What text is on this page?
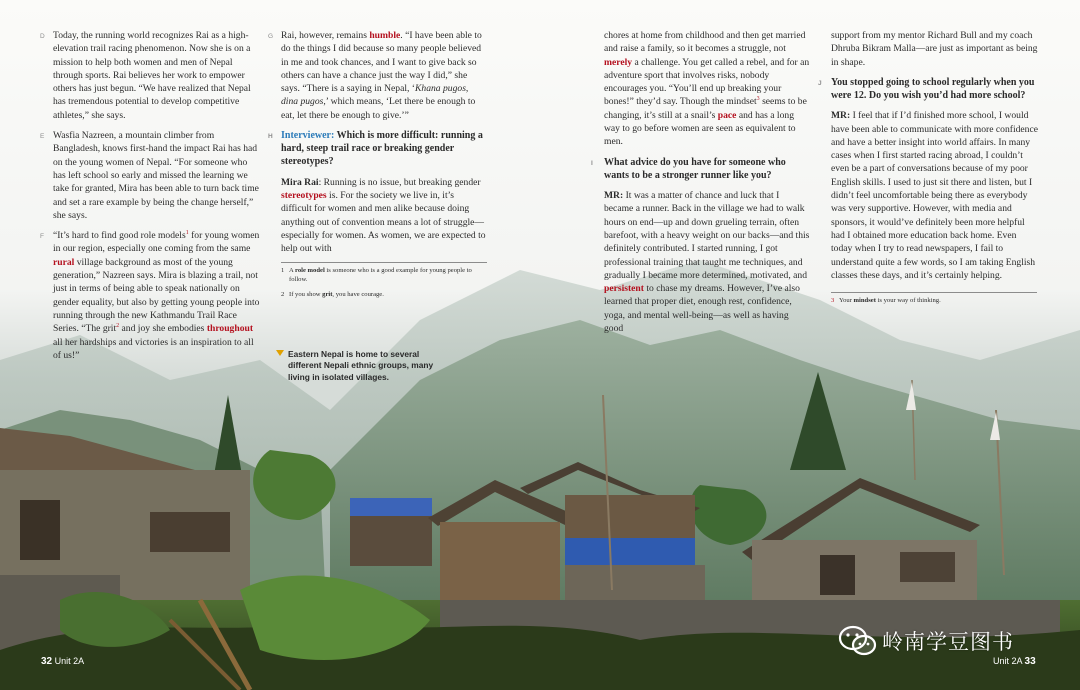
D Today, the running world recognizes Rai as a high-elevation trail racing phenomenon. Now she is on a mission to help both women and men of Nepal through sports. Rai believes her work to empower others has just begun. “We have realized that Nepal has tremendous potential to develop competitive athletes,” she says.

E Wasfia Nazreen, a mountain climber from Bangladesh, knows first-hand the impact Rai has had on the young women of Nepal. “For someone who has left school so early and missed the learning we take for granted, Mira has been able to turn back time and set a rare example by being the change herself,” she says.

F “It’s hard to find good role models$^1$ for young women in our region, especially one coming from the same rural village background as most of the young generation,” Nazreen says. Mira is blazing a trail, not just in terms of being able to speak nationally on gender equality, but also by getting young people into running through the new Kathmandu Trail Race Series. “The grit$^2$ and joy she embodies throughout all her hardships and victories is an inspiration to all of us!”

G Rai, however, remains humble. “I have been able to do the things I did because so many people believed in me and took chances, and I want to give back so others can have a chance just the way I did,” she says. “There is a saying in Nepal, ‘Khana pugos, dina pugos,’ which means, ‘Let there be enough to eat, let there be enough to give.’”

H Interviewer: Which is more difficult: running a hard, steep trail race or breaking gender stereotypes?

Mira Rai: Running is no issue, but breaking gender stereotypes is. For the society we live in, it’s difficult for women and men alike because doing anything out of convention means a lot of struggle—especially for women. As women, we are expected to help out with

1 A role model is someone who is a good example for young people to follow.

2 If you show grit, you have courage.

chores at home from childhood and then get married and raise a family, so it becomes a struggle, not merely a challenge. You get called a rebel, and for an adventure sport that involves risks, nobody encourages you. “You’ll end up breaking your bones!” they’d say. Though the mindset$^3$ seems to be changing, it’s still at a snail’s pace and has a long way to go before women are seen as equivalent to men.

I What advice do you have for someone who wants to be a stronger runner like you?

MR: It was a matter of chance and luck that I became a runner. Back in the village we had to walk hours on end—up and down grueling terrain, often barefoot, with a heavy weight on our backs—and this definitely contributed. I started running, I got professional training that taught me techniques, and gradually I became more determined, motivated, and persistent to chase my dreams. However, I’ve also learned that proper diet, enough rest, confidence, yoga, and mental well-being—as well as having good

support from my mentor Richard Bull and my coach Dhruba Bikram Malla—are just as important as being in shape.

J You stopped going to school regularly when you were 12. Do you wish you’d had more school?

MR: I feel that if I’d finished more school, I would have been able to communicate with more confidence and have a better insight into world affairs. In many cases when I first started racing abroad, I couldn’t even be a part of conversations because of my poor English skills. I used to just sit there and listen, but I didn’t feel uncomfortable being there as everybody was very supportive. However, with media and sponsors, it would’ve definitely been more helpful had I obtained more education back home. Even today when I try to read newspapers, I fail to understand quite a few words, so I am taking English classes these days, and it’s certainly helping.

3 Your mindset is your way of thinking.

Eastern Nepal is home to several different Nepali ethnic groups, many living in isolated villages.
32 Unit 2A	Unit 2A 33
岭南学豆图书
